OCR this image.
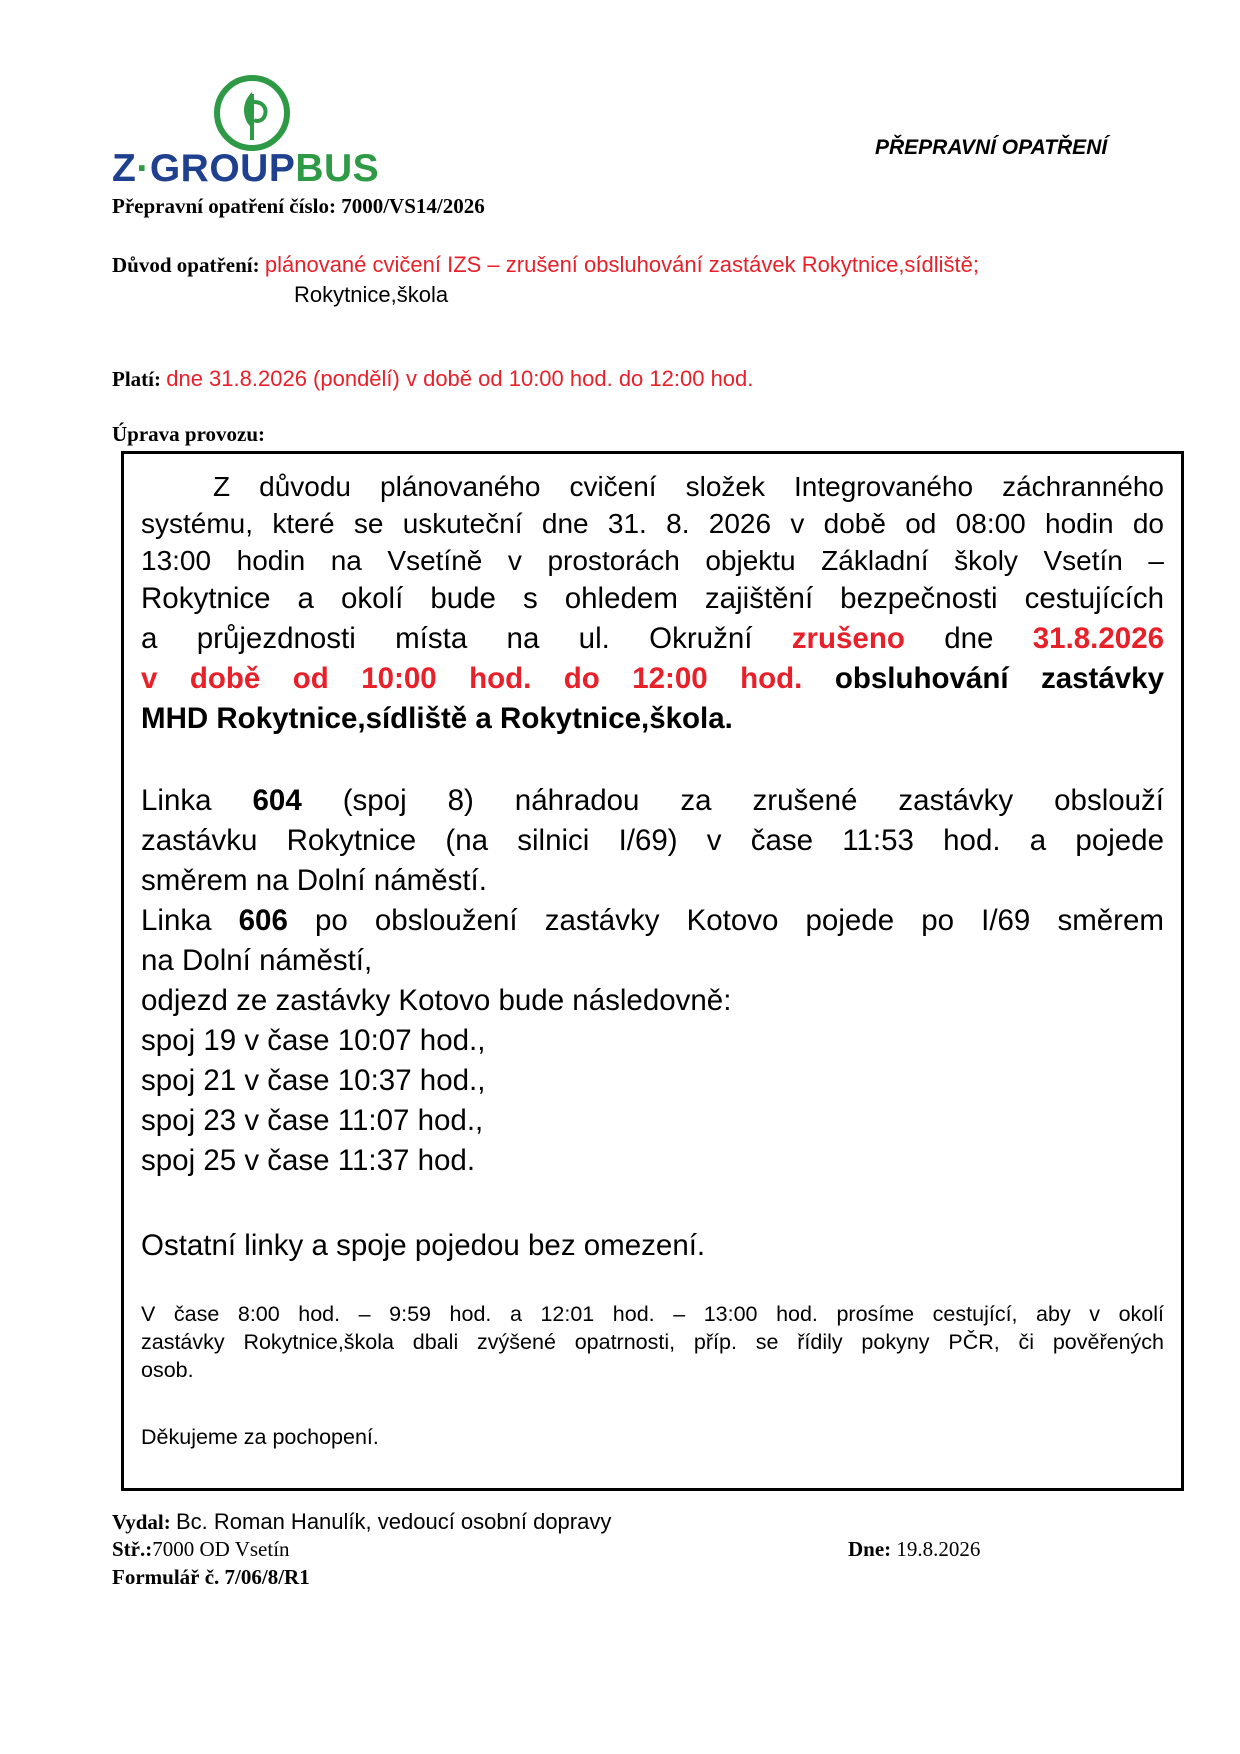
Z·GROUPBUS	PŘEPRAVNÍ OPATŘENÍ
Přepravní opatření číslo: 7000/VS14/2026
Důvod opatření: plánované cvičení IZS – zrušení obsluhování zastávek Rokytnice,sídliště;
Rokytnice,škola
Platí: dne 31.8.2026 (pondělí) v době od 10:00 hod. do 12:00 hod.
Úprava provozu:
Z důvodu plánovaného cvičení složek Integrovaného záchranného
systému, které se uskuteční dne 31. 8. 2026 v době od 08:00 hodin do
13:00 hodin na Vsetíně v prostorách objektu Základní školy Vsetín –
Rokytnice a okolí bude s ohledem zajištění bezpečnosti cestujících
a průjezdnosti místa na ul. Okružní zrušeno dne 31.8.2026
v době od 10:00 hod. do 12:00 hod. obsluhování zastávky
MHD Rokytnice,sídliště a Rokytnice,škola.
Linka 604 (spoj 8) náhradou za zrušené zastávky obslouží
zastávku Rokytnice (na silnici I/69) v čase 11:53 hod. a pojede
směrem na Dolní náměstí.
Linka 606 po obsloužení zastávky Kotovo pojede po I/69 směrem
na Dolní náměstí,
odjezd ze zastávky Kotovo bude následovně:
spoj 19 v čase 10:07 hod.,
spoj 21 v čase 10:37 hod.,
spoj 23 v čase 11:07 hod.,
spoj 25 v čase 11:37 hod.
Ostatní linky a spoje pojedou bez omezení.
V čase 8:00 hod. – 9:59 hod. a 12:01 hod. – 13:00 hod. prosíme cestující, aby v okolí
zastávky Rokytnice,škola dbali zvýšené opatrnosti, příp. se řídily pokyny PČR, či pověřených
osob.
Děkujeme za pochopení.
Vydal: Bc. Roman Hanulík, vedoucí osobní dopravy
Stř.:7000 OD Vsetín	Dne: 19.8.2026
Formulář č. 7/06/8/R1
